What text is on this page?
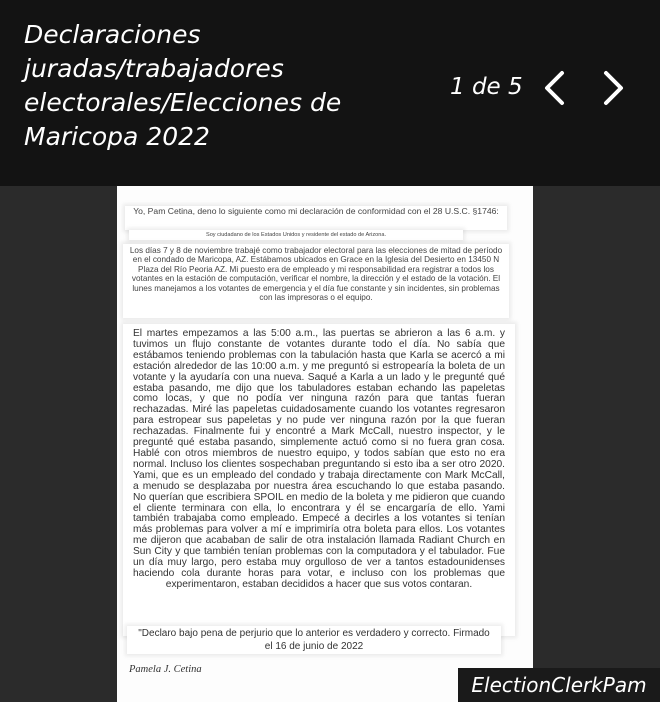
Declaraciones juradas/trabajadores electorales/Elecciones de Maricopa 2022
1 de 5
Yo, Pam Cetina, deno lo siguiente como mi declaración de conformidad con el 28 U.S.C. §1746:
Soy ciudadano de los Estados Unidos y residente del estado de Arizona.
Los días 7 y 8 de noviembre trabajé como trabajador electoral para las elecciones de mitad de período en el condado de Maricopa, AZ. Estábamos ubicados en Grace en la Iglesia del Desierto en 13450 N Plaza del Río Peoria AZ. Mi puesto era de empleado y mi responsabilidad era registrar a todos los votantes en la estación de computación, verificar el nombre, la dirección y el estado de la votación. El lunes manejamos a los votantes de emergencia y el día fue constante y sin incidentes, sin problemas con las impresoras o el equipo.
El martes empezamos a las 5:00 a.m., las puertas se abrieron a las 6 a.m. y tuvimos un flujo constante de votantes durante todo el día. No sabía que estábamos teniendo problemas con la tabulación hasta que Karla se acercó a mi estación alrededor de las 10:00 a.m. y me preguntó si estropearía la boleta de un votante y la ayudaría con una nueva. Saqué a Karla a un lado y le pregunté qué estaba pasando, me dijo que los tabuladores estaban echando las papeletas como locas, y que no podía ver ninguna razón para que tantas fueran rechazadas. Miré las papeletas cuidadosamente cuando los votantes regresaron para estropear sus papeletas y no pude ver ninguna razón por la que fueran rechazadas. Finalmente fui y encontré a Mark McCall, nuestro inspector, y le pregunté qué estaba pasando, simplemente actuó como si no fuera gran cosa. Hablé con otros miembros de nuestro equipo, y todos sabían que esto no era normal. Incluso los clientes sospechaban preguntando si esto iba a ser otro 2020. Yami, que es un empleado del condado y trabaja directamente con Mark McCall, a menudo se desplazaba por nuestra área escuchando lo que estaba pasando. No querían que escribiera SPOIL en medio de la boleta y me pidieron que cuando el cliente terminara con ella, lo encontrara y él se encargaría de ello. Yami también trabajaba como empleado. Empecé a decirles a los votantes si tenían más problemas para volver a mí e imprimiría otra boleta para ellos. Los votantes me dijeron que acababan de salir de otra instalación llamada Radiant Church en Sun City y que también tenían problemas con la computadora y el tabulador. Fue un día muy largo, pero estaba muy orgulloso de ver a tantos estadounidenses haciendo cola durante horas para votar, e incluso con los problemas que experimentaron, estaban decididos a hacer que sus votos contaran.
"Declaro bajo pena de perjurio que lo anterior es verdadero y correcto. Firmado el 16 de junio de 2022
Pamela J. Cetina
ElectionClerkPam
